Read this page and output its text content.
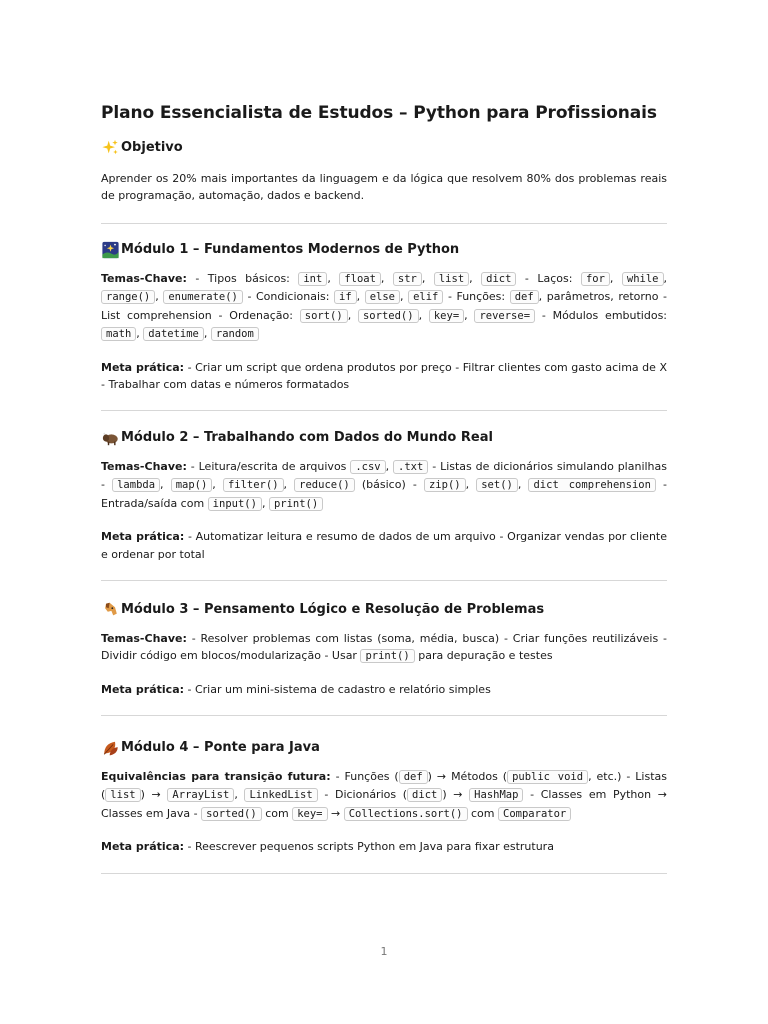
Plano Essencialista de Estudos – Python para Profissionais
Objetivo

Aprender os 20% mais importantes da linguagem e da lógica que resolvem 80% dos problemas reais de programação, automação, dados e backend.

Módulo 1 – Fundamentos Modernos de Python

Temas-Chave: - Tipos básicos: int , float , str , list , dict - Laços: for , while , range() , enumerate() - Condicionais: if , else , elif - Funções: def , parâmetros, retorno - List comprehension - Ordenação: sort() , sorted() , key= , reverse= - Módulos embutidos: math , datetime , random

Meta prática: - Criar um script que ordena produtos por preço - Filtrar clientes com gasto acima de X - Trabalhar com datas e números formatados

Módulo 2 – Trabalhando com Dados do Mundo Real

Temas-Chave: - Leitura/escrita de arquivos .csv , .txt - Listas de dicionários simulando planilhas - lambda , map() , filter() , reduce() (básico) - zip() , set() , dict comprehension - Entrada/saída com input() , print()

Meta prática: - Automatizar leitura e resumo de dados de um arquivo - Organizar vendas por cliente e ordenar por total

Módulo 3 – Pensamento Lógico e Resolução de Problemas

Temas-Chave: - Resolver problemas com listas (soma, média, busca) - Criar funções reutilizáveis - Dividir código em blocos/modularização - Usar print() para depuração e testes

Meta prática: - Criar um mini-sistema de cadastro e relatório simples

Módulo 4 – Ponte para Java

Equivalências para transição futura: - Funções ( def ) → Métodos ( public void , etc.) - Listas ( list ) → ArrayList , LinkedList - Dicionários ( dict ) → HashMap - Classes em Python → Classes em Java - sorted() com key= → Collections.sort() com Comparator

Meta prática: - Reescrever pequenos scripts Python em Java para fixar estrutura

1
